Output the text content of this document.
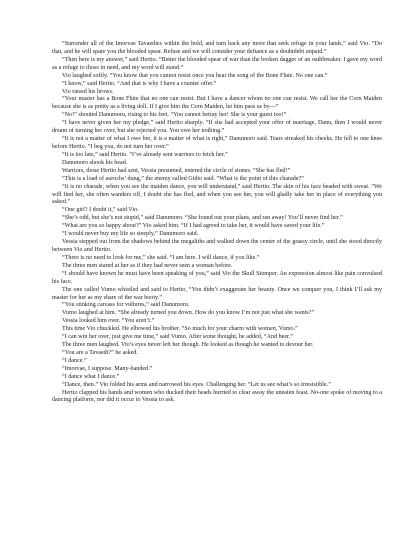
“Surrender all of the Imorvae Tavaedies within the hold, and turn back any more that seek refuge in your lands,” said Vio. “Do that, and he will spare you the blooded spear. Refuse and we will consider your defiance as a doubtdebt unpaid.”

“Then here is my answer,” said Hertio. “Better the blooded spear of war than the broken dagger of an oathbreaker. I gave my word as a refuge to those in need, and my word will stand.”

Vio laughed softly. “You know that you cannot resist once you hear the song of the Bone Flute. No one can.”

“I know,” said Hertio. “And that is why I have a counter offer.”

Vio raised his brows.

“Your master has a Bone Flute that no one can resist. But I have a dancer whom no one can resist. We call her the Corn Maiden because she is as pretty as a living doll. If I give him the Corn Maiden, let him pass us by—”

“No!” shouted Danumoru, rising to his feet. “You cannot betray her! She is your guest too!”

“I have never given her my pledge,” said Hertio sharply. “If she had accepted your offer of marriage, Danu, then I would never dream of turning her over, but she rejected you. You owe her nothing.”

“It is not a matter of what I owe her, it is a matter of what is right,” Danumoro said. Tears streaked his cheeks. He fell to one knee before Hertio. “I beg you, do not turn her over.”

“It is too late,” said Hertio. “I’ve already sent warriors to fetch her.”

Danumoro shook his head.

Warriors, those Hertio had sent, Vessia presumed, entered the circle of stones. “She has fled!”

“This is a load of aurochs’ dung,” the enemy called Gidio said. “What is the point of this charade?”

“It is no charade, when you see the maiden dance, you will understand,” said Hertio. The skin of his face beaded with sweat. “We will find her, she often wanders off, I doubt she has fled, and when you see her, you will gladly take her in place of everything you asked.”

“One girl? I doubt it,” said Vio.

“She’s odd, but she’s not stupid,” said Danumoro. “She found out your plans, and ran away! You’ll never find her.”

“What are you so happy about?” Vio asked him. “If I had agreed to take her, it would have saved your life.”

“I would never buy my life so steeply,” Danumoro said.

Vessia stepped out from the shadows behind the megaliths and walked down the center of the grassy circle, until she stood directly between Vio and Hertio.

“There is no need to look for me,” she said. “I am here. I will dance, if you like.”

The three men stared at her as if they had never seen a woman before.

“I should have known he must have been speaking of you,” said Vio the Skull Stomper. An expression almost like pain convulsed his face.

The one called Vumo whistled and said to Hertio, “You didn’t exaggerate her beauty. Once we conquer you, I think I’ll ask my master for her as my share of the war booty.”

“You stinking carcass for vultures,” said Danumoru.

Vumo laughed at him. “She already turned you down. How do you know I’m not just what she wants?”

Vessia looked him over. “You aren’t.”

This time Vio chuckled. He elbowed his brother. “So much for your charm with women, Vumo.”

“I can win her over, just give me time,” said Vumo. After some thought, he added, “And beer.”

The three men laughed. Vio’s eyes never left her though. He looked as though he wanted to devour her.

“You are a Tavaedi?” he asked.

“I dance.”

“Imorvae, I suppose. Many-banded.”

“I dance what I dance.”

“Dance, then.” Vio folded his arms and narrowed his eyes. Challenging her. “Let us see what’s so irresistible.”

Hertio clapped his hands and women who ducked their heads hurried to clear away the uneaten feast. No-one spoke of moving to a dancing platform, nor did it occur to Vessia to ask.
